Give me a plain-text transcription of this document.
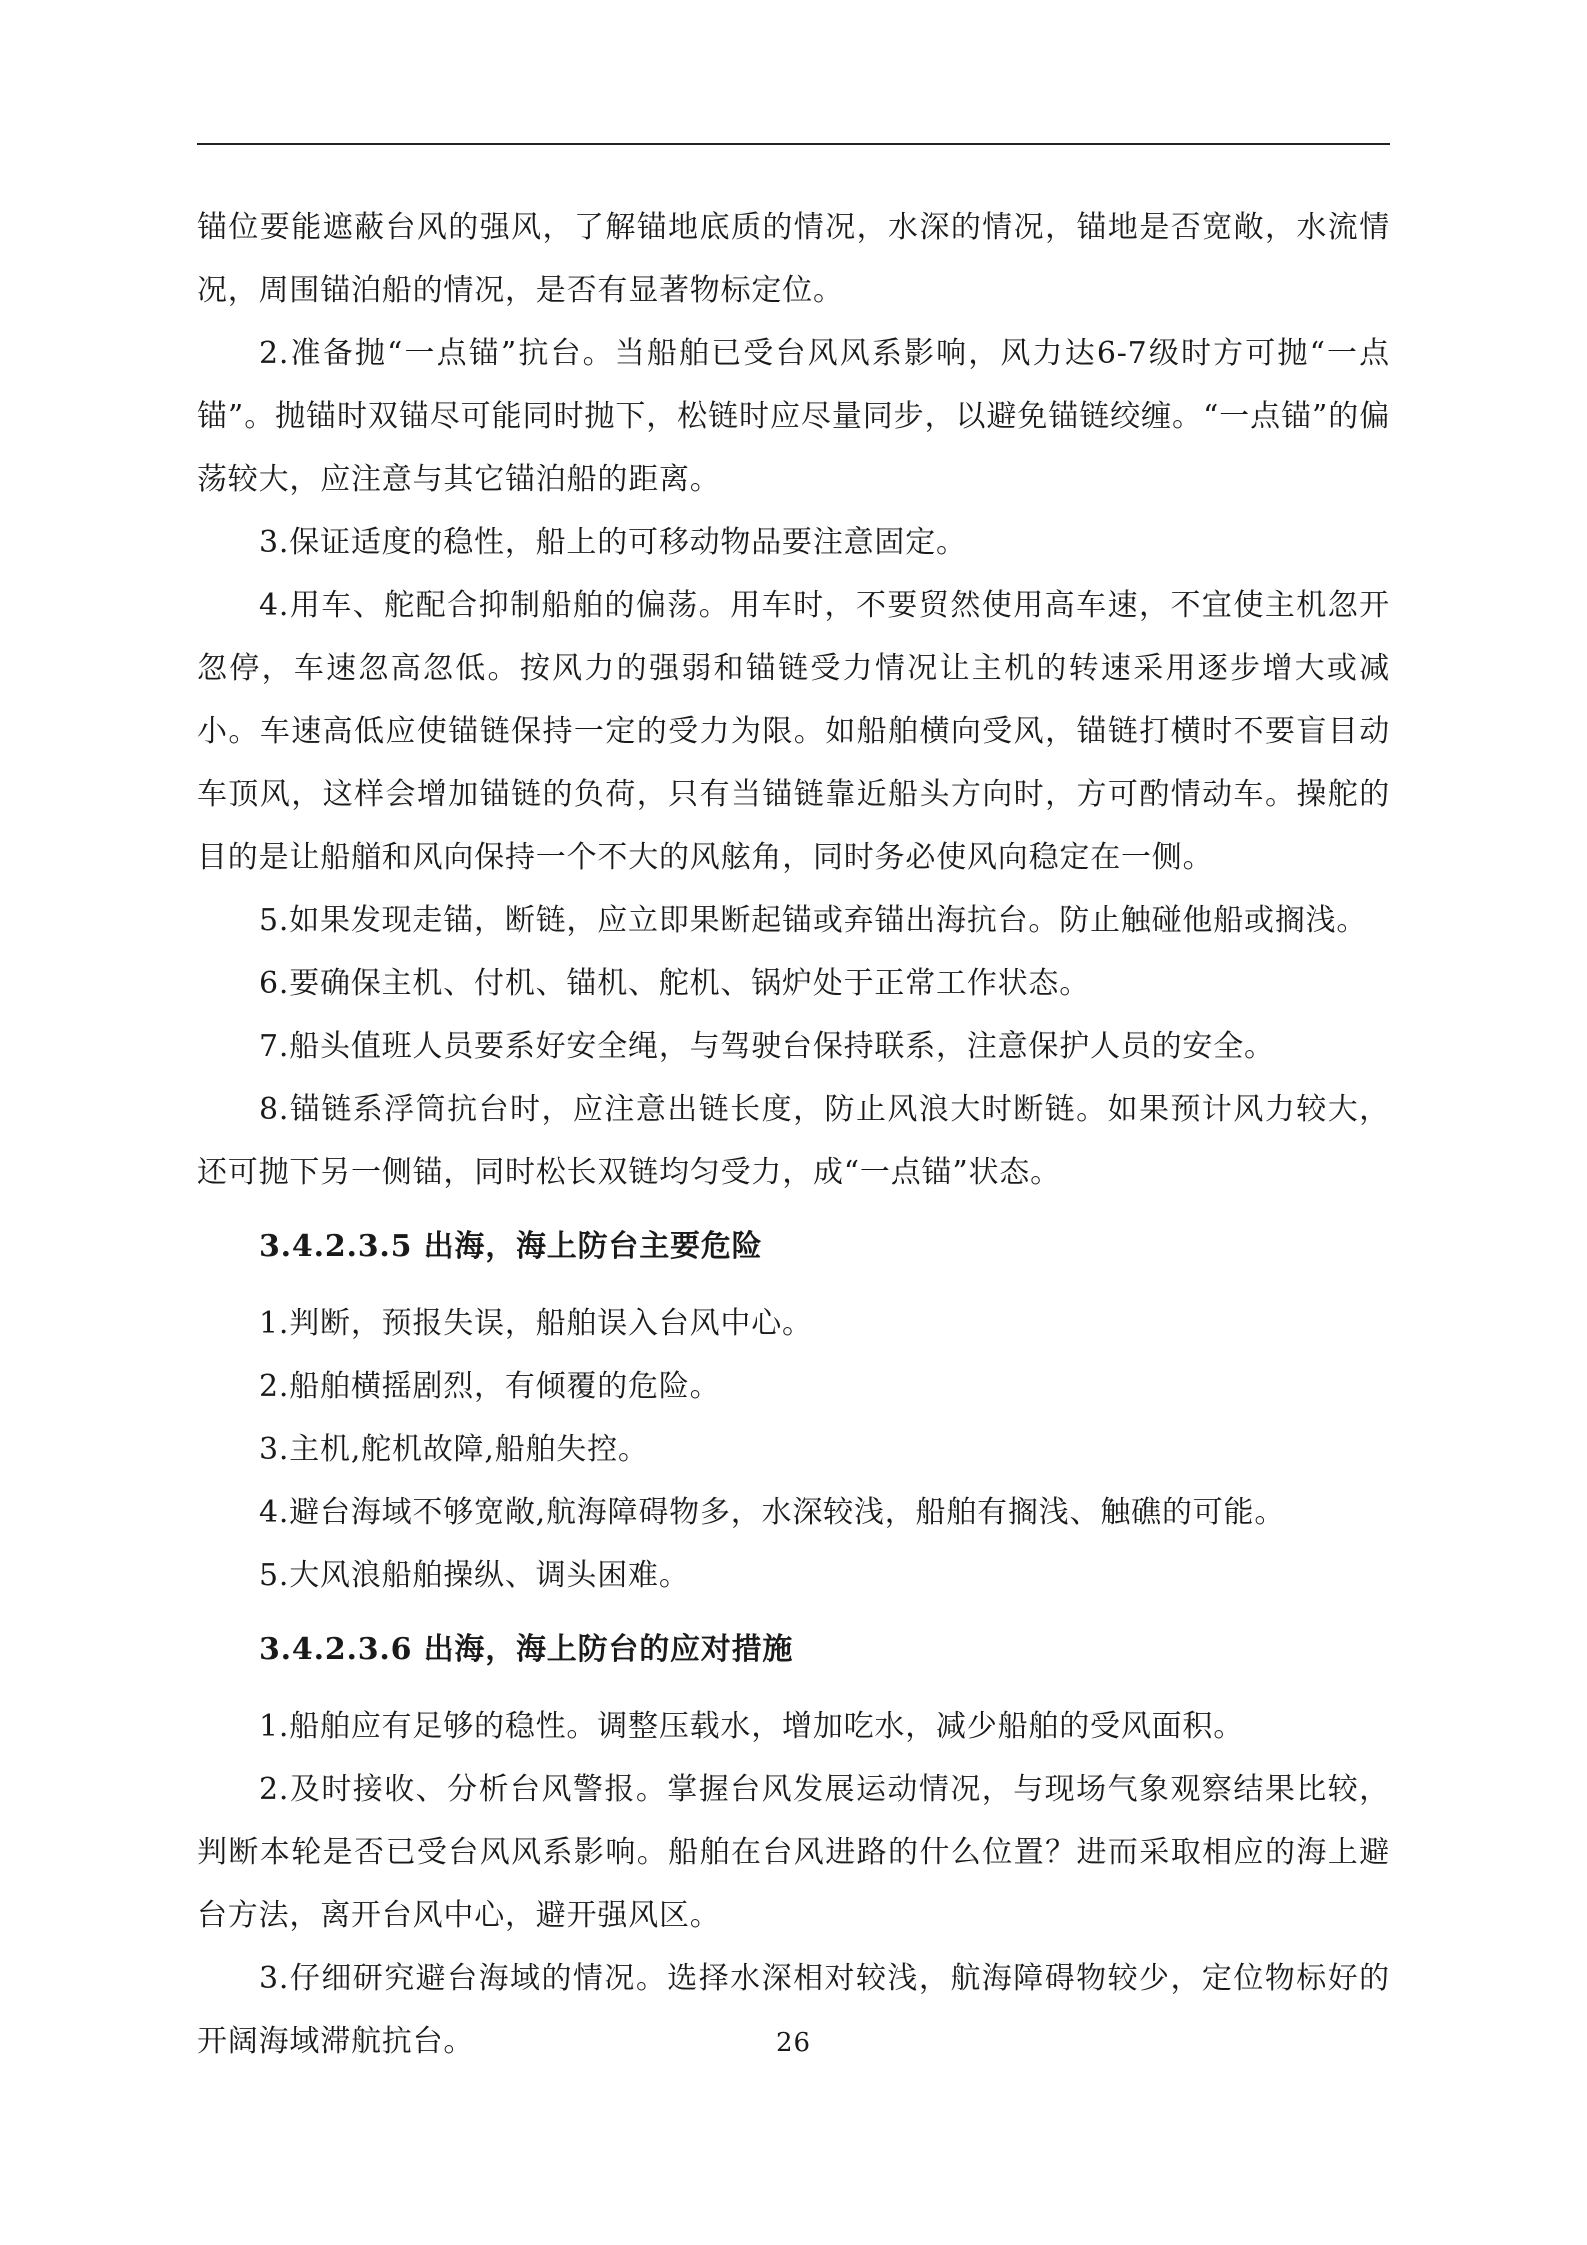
锚位要能遮蔽台风的强风，了解锚地底质的情况，水深的情况，锚地是否宽敞，水流情况，周围锚泊船的情况，是否有显著物标定位。

2.准备抛“一点锚”抗台。当船舶已受台风风系影响，风力达6-7级时方可抛“一点锚”。抛锚时双锚尽可能同时抛下，松链时应尽量同步，以避免锚链绞缠。“一点锚”的偏荡较大，应注意与其它锚泊船的距离。

3.保证适度的稳性，船上的可移动物品要注意固定。

4.用车、舵配合抑制船舶的偏荡。用车时，不要贸然使用高车速，不宜使主机忽开忽停，车速忽高忽低。按风力的强弱和锚链受力情况让主机的转速采用逐步增大或减小。车速高低应使锚链保持一定的受力为限。如船舶横向受风，锚链打横时不要盲目动车顶风，这样会增加锚链的负荷，只有当锚链靠近船头方向时，方可酌情动车。操舵的目的是让船艏和风向保持一个不大的风舷角，同时务必使风向稳定在一侧。

5.如果发现走锚，断链，应立即果断起锚或弃锚出海抗台。防止触碰他船或搁浅。

6.要确保主机、付机、锚机、舵机、锅炉处于正常工作状态。

7.船头值班人员要系好安全绳，与驾驶台保持联系，注意保护人员的安全。

8.锚链系浮筒抗台时，应注意出链长度，防止风浪大时断链。如果预计风力较大，还可抛下另一侧锚，同时松长双链均匀受力，成“一点锚”状态。

3.4.2.3.5 出海，海上防台主要危险

1.判断，预报失误，船舶误入台风中心。

2.船舶横摇剧烈，有倾覆的危险。

3.主机,舵机故障,船舶失控。

4.避台海域不够宽敞,航海障碍物多，水深较浅，船舶有搁浅、触礁的可能。

5.大风浪船舶操纵、调头困难。

3.4.2.3.6 出海，海上防台的应对措施

1.船舶应有足够的稳性。调整压载水，增加吃水，减少船舶的受风面积。

2.及时接收、分析台风警报。掌握台风发展运动情况，与现场气象观察结果比较，判断本轮是否已受台风风系影响。船舶在台风进路的什么位置？进而采取相应的海上避台方法，离开台风中心，避开强风区。

3.仔细研究避台海域的情况。选择水深相对较浅，航海障碍物较少，定位物标好的开阔海域滞航抗台。	26
